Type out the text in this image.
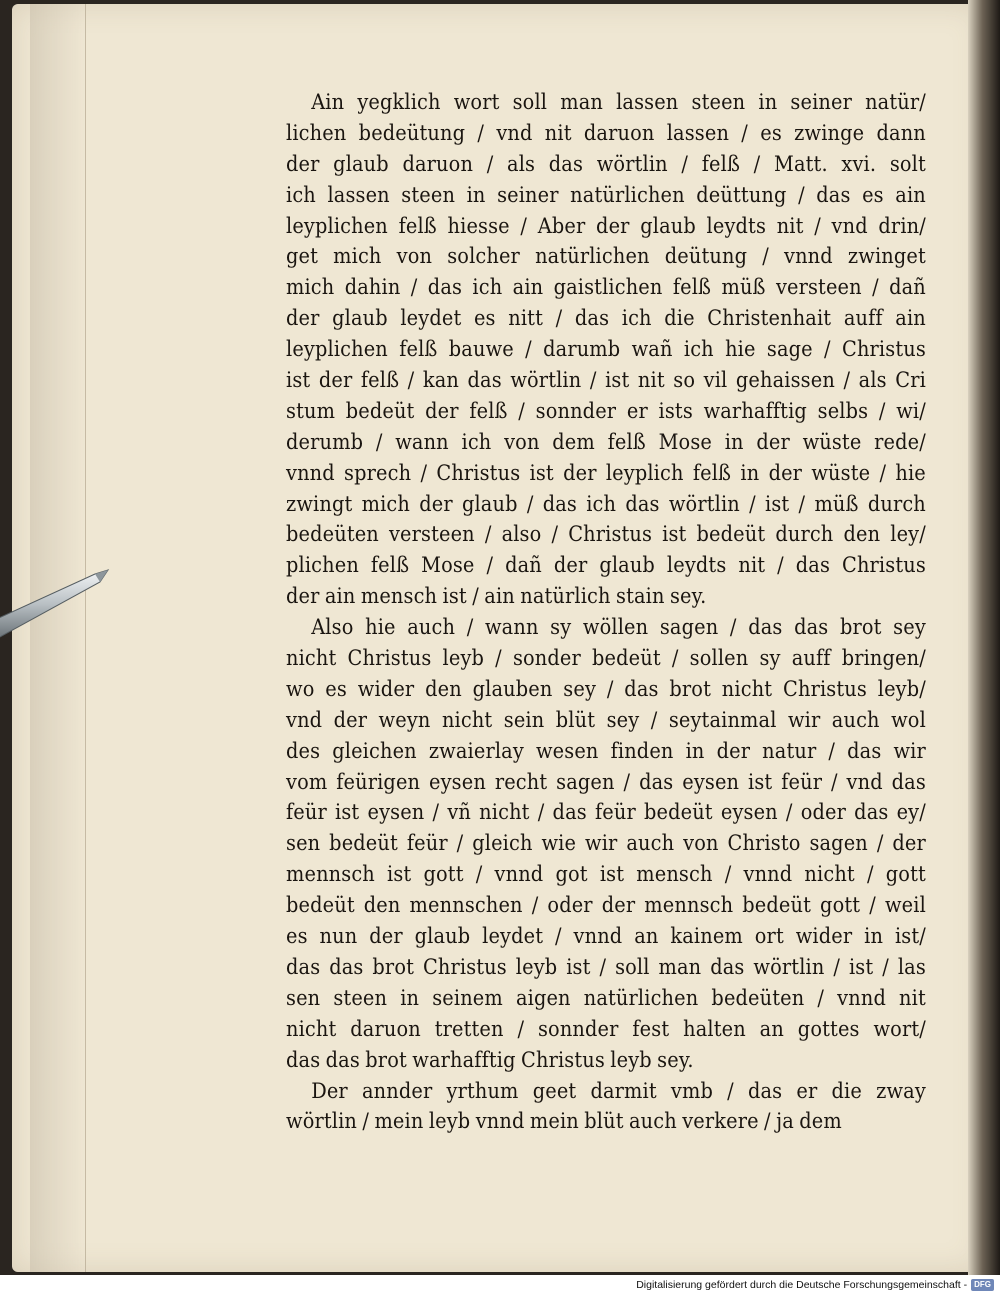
Ain yegklich wort soll man lassen steen in seiner natür/
lichen bedeütung / vnd nit daruon lassen / es zwinge dann
der glaub daruon / als das wörtlin / felß / Matt. xvi. solt
ich lassen steen in seiner natürlichen deüttung / das es ain
leyplichen felß hiesse / Aber der glaub leydts nit / vnd drin/
get mich von solcher natürlichen deütung / vnnd zwinget
mich dahin / das ich ain gaistlichen felß müß versteen / dañ
der glaub leydet es nitt / das ich die Christenhait auff ain
leyplichen felß bauwe / darumb wañ ich hie sage / Christus
ist der felß / kan das wörtlin / ist nit so vil gehaissen / als Cri
stum bedeüt der felß / sonnder er ists warhafftig selbs / wi/
derumb / wann ich von dem felß Mose in der wüste rede/
vnnd sprech / Christus ist der leyplich felß in der wüste / hie
zwingt mich der glaub / das ich das wörtlin / ist / müß durch
bedeüten versteen / also / Christus ist bedeüt durch den ley/
plichen felß Mose / dañ der glaub leydts nit / das Christus
der ain mensch ist / ain natürlich stain sey.
Also hie auch / wann sy wöllen sagen / das das brot sey
nicht Christus leyb / sonder bedeüt / sollen sy auff bringen/
wo es wider den glauben sey / das brot nicht Christus leyb/
vnd der weyn nicht sein blüt sey / seytainmal wir auch wol
des gleichen zwaierlay wesen finden in der natur / das wir
vom feürigen eysen recht sagen / das eysen ist feür / vnd das
feür ist eysen / vñ nicht / das feür bedeüt eysen / oder das ey/
sen bedeüt feür / gleich wie wir auch von Christo sagen / der
mennsch ist gott / vnnd got ist mensch / vnnd nicht / gott
bedeüt den mennschen / oder der mennsch bedeüt gott / weil
es nun der glaub leydet / vnnd an kainem ort wider in ist/
das das brot Christus leyb ist / soll man das wörtlin / ist / las
sen steen in seinem aigen natürlichen bedeüten / vnnd nit
nicht daruon tretten / sonnder fest halten an gottes wort/
das das brot warhafftig Christus leyb sey.
Der annder yrthum geet darmit vmb / das er die zway
wörtlin / mein leyb vnnd mein blüt auch verkere / ja dem
Digitalisierung gefördert durch die Deutsche Forschungsgemeinschaft - DFG
